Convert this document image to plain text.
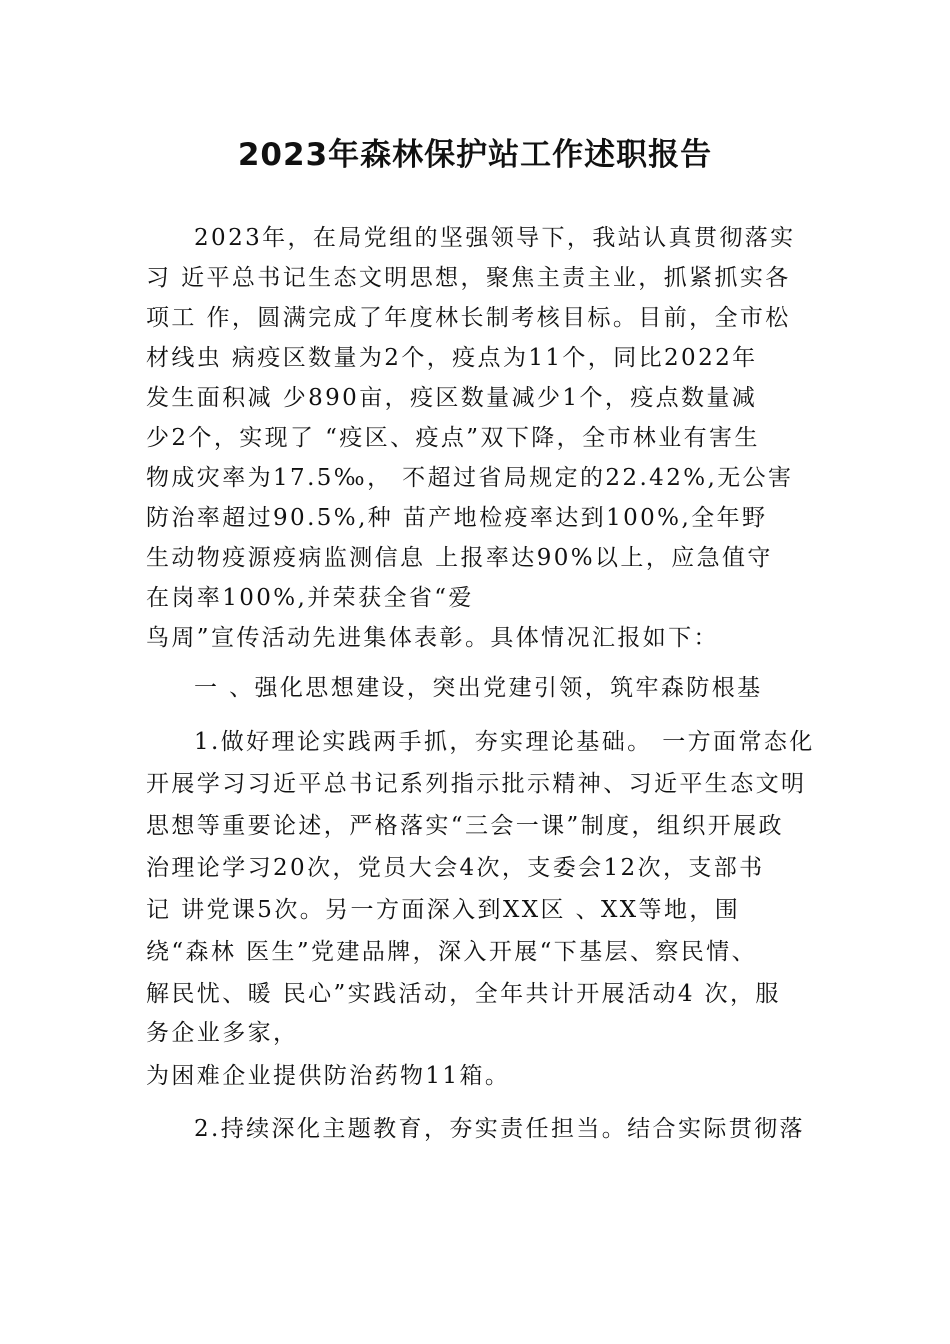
2023年森林保护站工作述职报告
2023年，在局党组的坚强领导下，我站认真贯彻落实
习 近平总书记生态文明思想，聚焦主责主业，抓紧抓实各
项工 作，圆满完成了年度林长制考核目标。目前，全市松
材线虫 病疫区数量为2个，疫点为11个，同比2022年
发生面积减 少890亩，疫区数量减少1个，疫点数量减
少2个，实现了 “疫区、疫点”双下降，全市林业有害生
物成灾率为17.5‰， 不超过省局规定的22.42%,无公害
防治率超过90.5%,种 苗产地检疫率达到100%,全年野
生动物疫源疫病监测信息 上报率达90%以上，应急值守
在岗率100%,并荣获全省“爱
鸟周”宣传活动先进集体表彰。具体情况汇报如下：
一 、强化思想建设，突出党建引领，筑牢森防根基
1.做好理论实践两手抓，夯实理论基础。 一方面常态化
开展学习习近平总书记系列指示批示精神、习近平生态文明
思想等重要论述，严格落实“三会一课”制度，组织开展政
治理论学习20次，党员大会4次，支委会12次，支部书
记 讲党课5次。另一方面深入到XX区 、XX等地，围
绕“森林 医生”党建品牌，深入开展“下基层、察民情、
解民忧、暖 民心”实践活动，全年共计开展活动4 次，服
务企业多家，
为困难企业提供防治药物11箱。
2.持续深化主题教育，夯实责任担当。结合实际贯彻落
